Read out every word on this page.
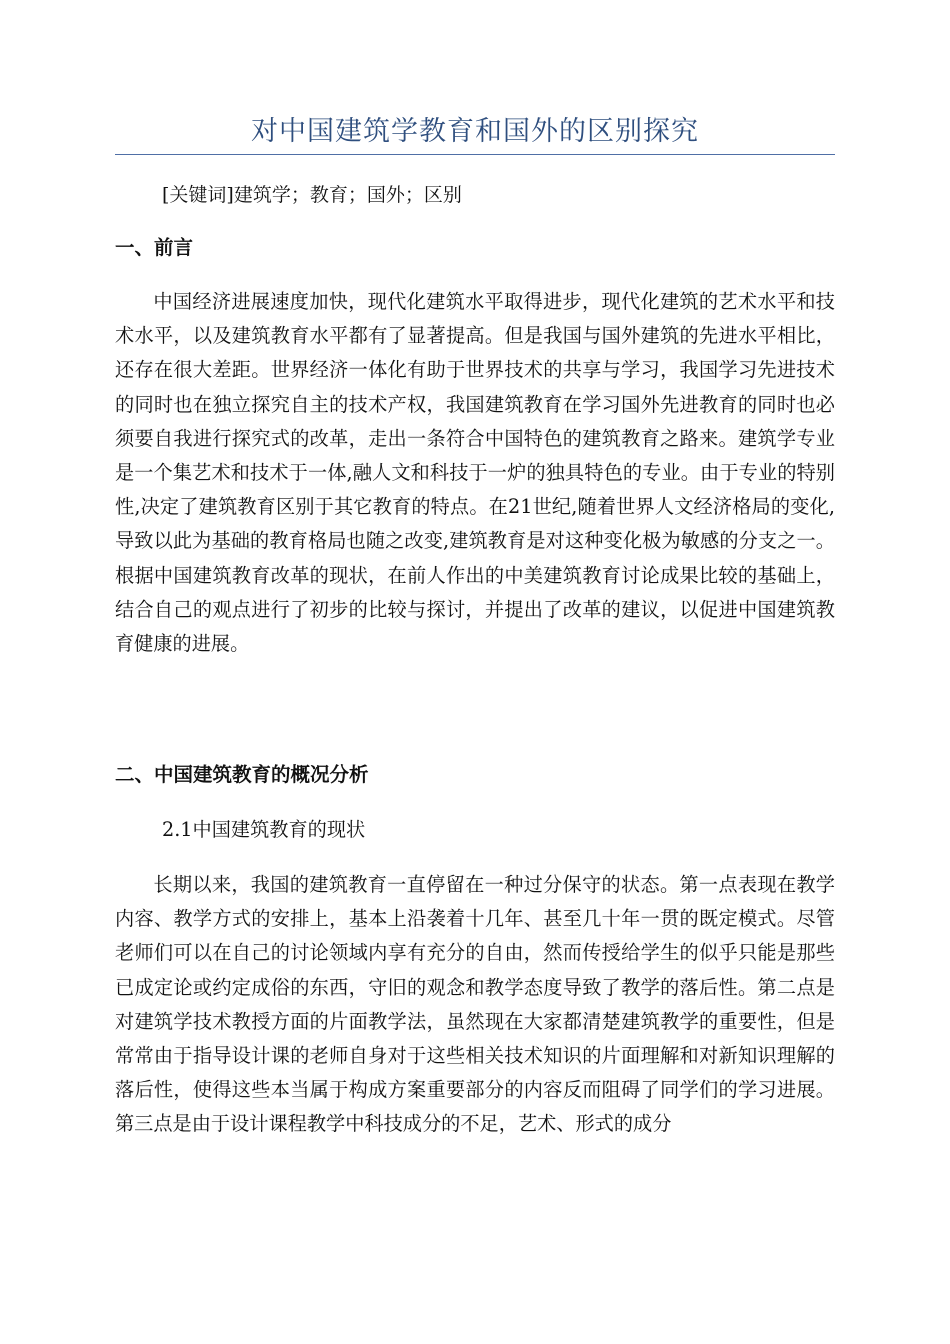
对中国建筑学教育和国外的区别探究
[关键词]建筑学；教育；国外；区别
一、前言
中国经济进展速度加快，现代化建筑水平取得进步，现代化建筑的艺术水平和技术水平，以及建筑教育水平都有了显著提高。但是我国与国外建筑的先进水平相比，还存在很大差距。世界经济一体化有助于世界技术的共享与学习，我国学习先进技术的同时也在独立探究自主的技术产权，我国建筑教育在学习国外先进教育的同时也必须要自我进行探究式的改革，走出一条符合中国特色的建筑教育之路来。建筑学专业是一个集艺术和技术于一体,融人文和科技于一炉的独具特色的专业。由于专业的特别性,决定了建筑教育区别于其它教育的特点。在21世纪,随着世界人文经济格局的变化,导致以此为基础的教育格局也随之改变,建筑教育是对这种变化极为敏感的分支之一。根据中国建筑教育改革的现状，在前人作出的中美建筑教育讨论成果比较的基础上，结合自己的观点进行了初步的比较与探讨，并提出了改革的建议，以促进中国建筑教育健康的进展。
二、中国建筑教育的概况分析
2.1中国建筑教育的现状
长期以来，我国的建筑教育一直停留在一种过分保守的状态。第一点表现在教学内容、教学方式的安排上，基本上沿袭着十几年、甚至几十年一贯的既定模式。尽管老师们可以在自己的讨论领域内享有充分的自由，然而传授给学生的似乎只能是那些已成定论或约定成俗的东西，守旧的观念和教学态度导致了教学的落后性。第二点是对建筑学技术教授方面的片面教学法，虽然现在大家都清楚建筑教学的重要性，但是常常由于指导设计课的老师自身对于这些相关技术知识的片面理解和对新知识理解的落后性，使得这些本当属于构成方案重要部分的内容反而阻碍了同学们的学习进展。第三点是由于设计课程教学中科技成分的不足，艺术、形式的成分
